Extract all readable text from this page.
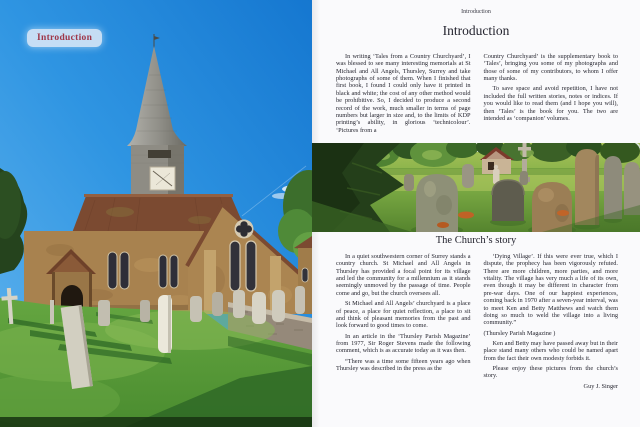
Introduction
Introduction
Introduction

In writing ‘Tales from a Country Churchyard’, I was blessed to see many interesting memorials at St Michael and All Angels, Thursley, Surrey and take photographs of some of them. When I finished that first book, I found I could only have it printed in black and white; the cost of any other method would be prohibitive. So, I decided to produce a second record of the work, much smaller in terms of page numbers but larger in size and, to the limits of KDP printing’s ability, in glorious ‘technicolour’. ‘Pictures from a

Country Churchyard’ is the supplementary book to ‘Tales’, bringing you some of my photographs and those of some of my contributors, to whom I offer many thanks.

To save space and avoid repetition, I have not included the full written stories, notes or indices. If you would like to read them (and I hope you will), then ‘Tales’ is the book for you. The two are intended as ‘companion’ volumes.

The Church’s story

In a quiet southwestern corner of Surrey stands a country church. St Michael and All Angels in Thursley has provided a focal point for its village and led the community for a millennium as it stands seemingly unmoved by the passage of time. People come and go, but the church oversees all.

St Michael and All Angels’ churchyard is a place of peace, a place for quiet reflection, a place to sit and think of pleasant memories from the past and look forward to good times to come.

In an article in the ‘Thursley Parish Magazine’ from 1977, Sir Roger Stevens made the following comment, which is as accurate today as it was then.

“There was a time some fifteen years ago when Thursley was described in the press as the

‘Dying Village’. If this were ever true, which I dispute, the prophecy has been vigorously refuted. There are more children, more parties, and more vitality. The village has very much a life of its own, even though it may be different in character from pre-war days. One of our happiest experiences, coming back in 1970 after a seven-year interval, was to meet Ken and Betty Matthews and watch them doing so much to weld the village into a living community.”

(Thursley Parish Magazine )

Ken and Betty may have passed away but in their place stand many others who could be named apart from the fact their own modesty forbids it.

Please enjoy these pictures from the church’s story.

Guy J. Singer
